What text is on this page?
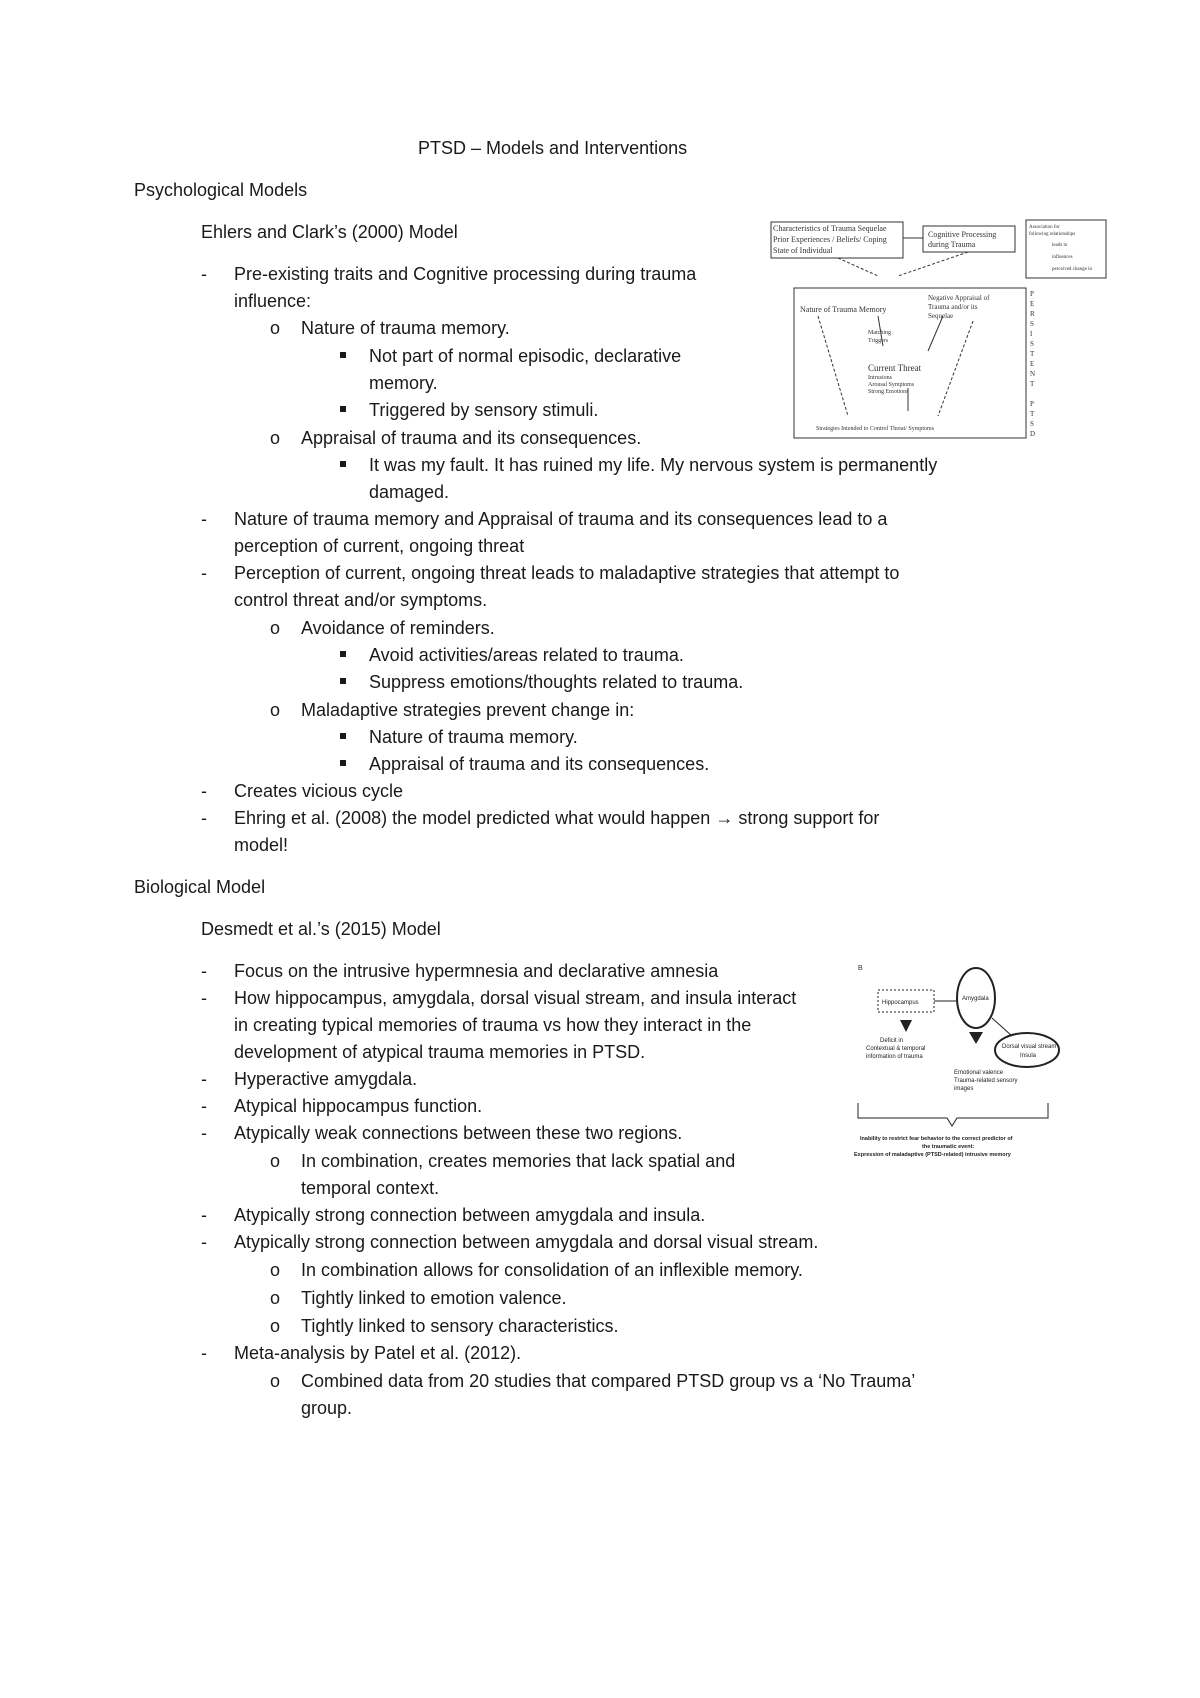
PTSD – Models and Interventions
Psychological Models
Ehlers and Clark’s (2000) Model
- Pre-existing traits and Cognitive processing during trauma
influence:
o Nature of trauma memory.
Not part of normal episodic, declarative
memory.
Triggered by sensory stimuli.
o Appraisal of trauma and its consequences.
It was my fault. It has ruined my life. My nervous system is permanently
damaged.
- Nature of trauma memory and Appraisal of trauma and its consequences lead to a
perception of current, ongoing threat
- Perception of current, ongoing threat leads to maladaptive strategies that attempt to
control threat and/or symptoms.
o Avoidance of reminders.
Avoid activities/areas related to trauma.
Suppress emotions/thoughts related to trauma.
o Maladaptive strategies prevent change in:
Nature of trauma memory.
Appraisal of trauma and its consequences.
- Creates vicious cycle
- Ehring et al. (2008) the model predicted what would happen → strong support for
model!
Characteristics of Trauma Sequelae
Prior Experiences / Beliefs/ Coping
State of Individual
Cognitive Processing
during Trauma
Association for
following relationships
leads to
influences
perceived change in
Nature of Trauma Memory
Negative Appraisal of
Trauma and/or its
Sequelae
Matching
Triggers
Current Threat
Intrusions
Arousal Symptoms
Strong Emotions
Strategies Intended to Control Threat/ Symptoms
P
E
R
S
I
S
T
E
N
T
P
T
S
D
Biological Model
Desmedt et al.’s (2015) Model
- Focus on the intrusive hypermnesia and declarative amnesia
- How hippocampus, amygdala, dorsal visual stream, and insula interact
in creating typical memories of trauma vs how they interact in the
development of atypical trauma memories in PTSD.
- Hyperactive amygdala.
- Atypical hippocampus function.
- Atypically weak connections between these two regions.
o In combination, creates memories that lack spatial and
temporal context.
- Atypically strong connection between amygdala and insula.
- Atypically strong connection between amygdala and dorsal visual stream.
o In combination allows for consolidation of an inflexible memory.
o Tightly linked to emotion valence.
o Tightly linked to sensory characteristics.
- Meta-analysis by Patel et al. (2012).
o Combined data from 20 studies that compared PTSD group vs a ‘No Trauma’
group.
B
Hippocampus
Amygdala
Dorsal visual stream
Insula
Deficit in
Contextual & temporal
information of trauma
Emotional valence
Trauma-related sensory
images
Inability to restrict fear behavior to the correct predictor of
the traumatic event:
Expression of maladaptive (PTSD-related) intrusive memory
